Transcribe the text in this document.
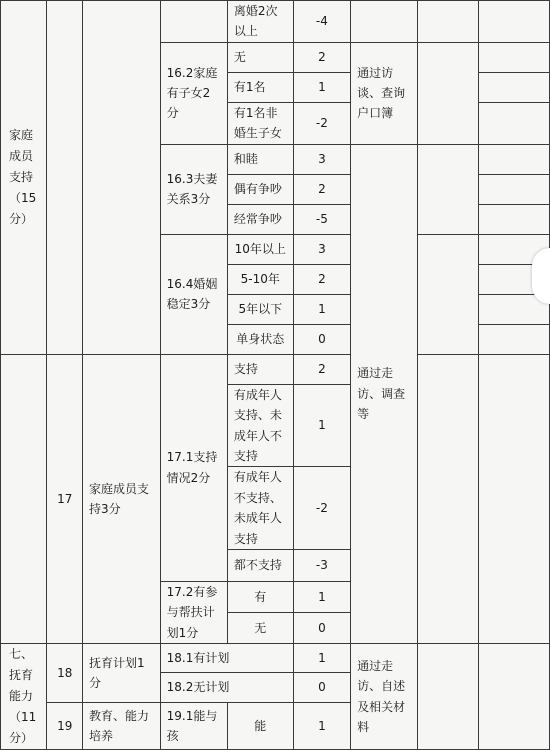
家庭成员支持（15分）				离婚2次以上	-4			
			16.2家庭有子女2分	无	2	通过访谈、查询户口簿		
				有1名	1			
				有1名非婚生子女	-2			
			16.3夫妻关系3分	和睦	3	通过走访、调查等		
				偶有争吵	2			
				经常争吵	-5			
			16.4婚姻稳定3分	10年以上	3			
				5-10年	2			
				5年以下	1			
				单身状态	0			
	17	家庭成员支持3分	17.1支持情况2分	支持	2			
				有成年人支持、未成年人不支持	1			
				有成年人不支持、未成年人支持	-2			
				都不支持	-3			
			17.2有参与帮扶计划1分	有	1			
				无	0			
七、抚育能力（11分）	18	抚育计划1分	18.1有计划		1	通过走访、自述及相关材料		
			18.2无计划		0			
	19	教育、能力培养	19.1能与孩	能	1			
